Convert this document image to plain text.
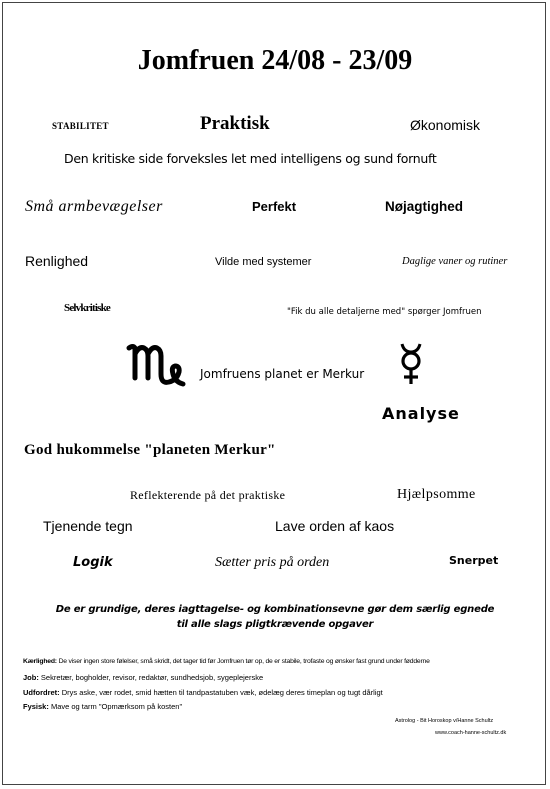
Jomfruen 24/08 - 23/09
STABILITET	Praktisk	Økonomisk
Den kritiske side forveksles let med intelligens og sund fornuft
Små armbevægelser	Perfekt	Nøjagtighed
Renlighed	Vilde med systemer	Daglige vaner og rutiner
Selvkritiske	"Fik du alle detaljerne med" spørger Jomfruen
Jomfruens planet er Merkur
Analyse
God hukommelse "planeten Merkur"
Reflekterende på det praktiske	Hjælpsomme
Tjenende tegn	Lave orden af kaos
Logik	Sætter pris på orden	Snerpet
De er grundige, deres iagttagelse- og kombinationsevne gør dem særlig egnede
til alle slags pligtkrævende opgaver
Kærlighed: De viser ingen store følelser, små skridt, det tager tid før Jomfruen tør op, de er stabile, trofaste og ønsker fast grund under fødderne
Job: Sekretær, bogholder, revisor, redaktør, sundhedsjob, sygeplejerske
Udfordret: Drys aske, vær rodet, smid hætten til tandpastatuben væk, ødelæg deres timeplan og tugt dårligt
Fysisk: Mave og tarm "Opmærksom på kosten"
Astrolog - Bit Horoskop v/Hanne Schultz
www.coach-hanne-schultz.dk
